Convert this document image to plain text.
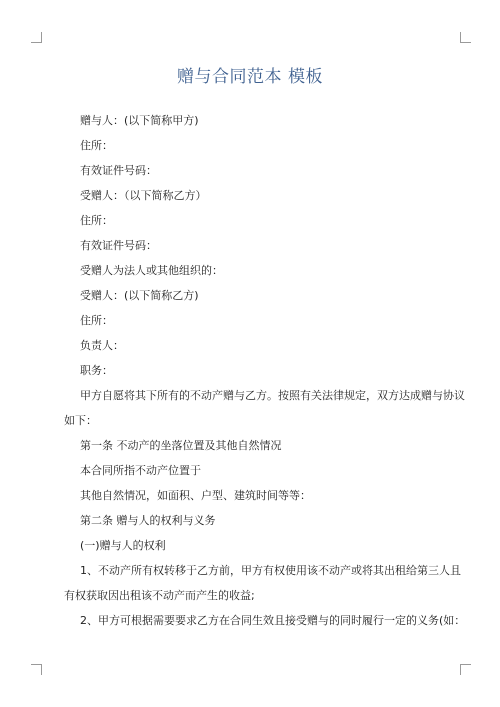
赠与合同范本 模板
赠与人：(以下简称甲方)
住所：
有效证件号码：
受赠人：（以下简称乙方）
住所：
有效证件号码：
受赠人为法人或其他组织的：
受赠人：(以下简称乙方)
住所：
负责人：
职务：
甲方自愿将其下所有的不动产赠与乙方。按照有关法律规定，双方达成赠与协议
如下：
第一条 不动产的坐落位置及其他自然情况
本合同所指不动产位置于
其他自然情况，如面积、户型、建筑时间等等：
第二条 赠与人的权利与义务
(一)赠与人的权利
1、不动产所有权转移于乙方前，甲方有权使用该不动产或将其出租给第三人且
有权获取因出租该不动产而产生的收益;
2、甲方可根据需要要求乙方在合同生效且接受赠与的同时履行一定的义务(如：
